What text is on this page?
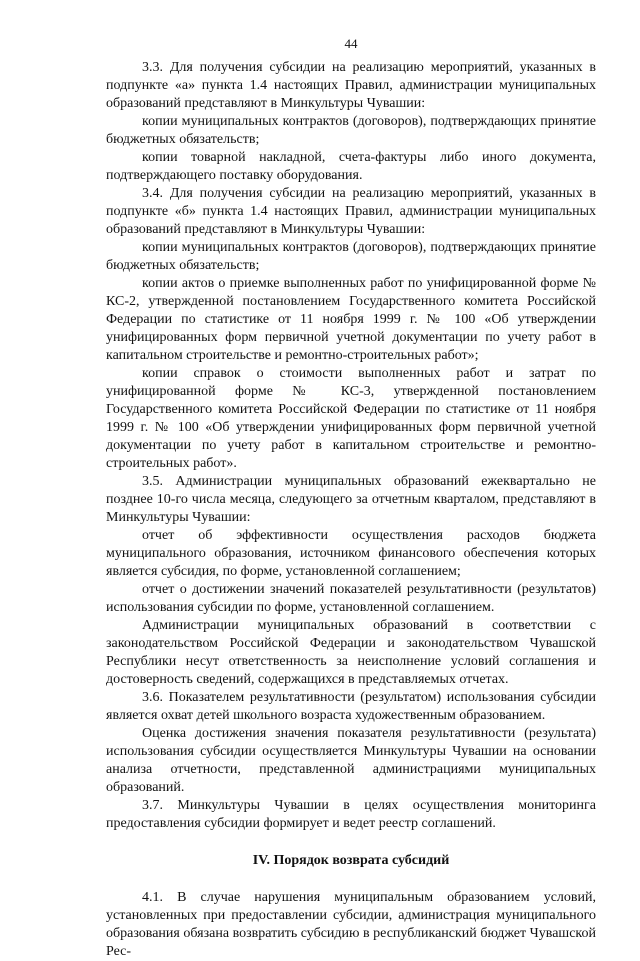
44

3.3. Для получения субсидии на реализацию мероприятий, указанных в подпункте «а» пункта 1.4 настоящих Правил, администрации муниципальных образований представляют в Минкультуры Чувашии:

копии муниципальных контрактов (договоров), подтверждающих принятие бюджетных обязательств;

копии товарной накладной, счета-фактуры либо иного документа, подтверждающего поставку оборудования.

3.4. Для получения субсидии на реализацию мероприятий, указанных в подпункте «б» пункта 1.4 настоящих Правил, администрации муниципальных образований представляют в Минкультуры Чувашии:

копии муниципальных контрактов (договоров), подтверждающих принятие бюджетных обязательств;

копии актов о приемке выполненных работ по унифицированной форме № КС-2, утвержденной постановлением Государственного комитета Российской Федерации по статистике от 11 ноября 1999 г. № 100 «Об утверждении унифицированных форм первичной учетной документации по учету работ в капитальном строительстве и ремонтно-строительных работ»;

копии справок о стоимости выполненных работ и затрат по унифицированной форме № КС-3, утвержденной постановлением Государственного комитета Российской Федерации по статистике от 11 ноября 1999 г. № 100 «Об утверждении унифицированных форм первичной учетной документации по учету работ в капитальном строительстве и ремонтно-строительных работ».

3.5. Администрации муниципальных образований ежеквартально не позднее 10-го числа месяца, следующего за отчетным кварталом, представляют в Минкультуры Чувашии:

отчет об эффективности осуществления расходов бюджета муниципального образования, источником финансового обеспечения которых является субсидия, по форме, установленной соглашением;

отчет о достижении значений показателей результативности (результатов) использования субсидии по форме, установленной соглашением.

Администрации муниципальных образований в соответствии с законодательством Российской Федерации и законодательством Чувашской Республики несут ответственность за неисполнение условий соглашения и достоверность сведений, содержащихся в представляемых отчетах.

3.6. Показателем результативности (результатом) использования субсидии является охват детей школьного возраста художественным образованием.

Оценка достижения значения показателя результативности (результата) использования субсидии осуществляется Минкультуры Чувашии на основании анализа отчетности, представленной администрациями муниципальных образований.

3.7. Минкультуры Чувашии в целях осуществления мониторинга предоставления субсидии формирует и ведет реестр соглашений.

IV. Порядок возврата субсидий

4.1. В случае нарушения муниципальным образованием условий, установленных при предоставлении субсидии, администрация муниципального образования обязана возвратить субсидию в республиканский бюджет Чувашской Рес-
